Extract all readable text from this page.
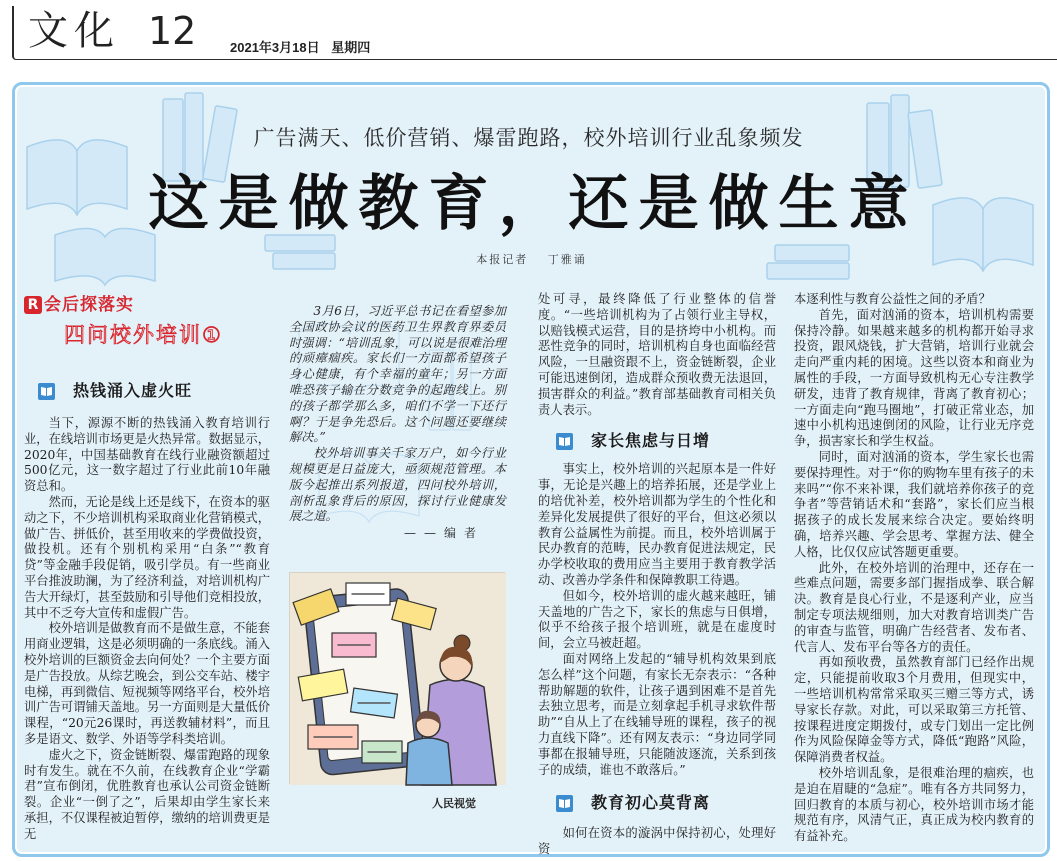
文化 12	2021年3月18日 星期四
广告满天、低价营销、爆雷跑路，校外培训行业乱象频发
这是做教育，还是做生意
本报记者 丁雅诵
R 会后探落实
四问校外培训①
热钱涌入虚火旺

当下，源源不断的热钱涌入教育培训行业，在线培训市场更是火热异常。数据显示，2020年，中国基础教育在线行业融资额超过500亿元，这一数字超过了行业此前10年融资总和。

然而，无论是线上还是线下，在资本的驱动之下，不少培训机构采取商业化营销模式，做广告、拼低价，甚至用收来的学费做投资，做投机。还有个别机构采用“白条”“教育贷”等金融手段促销，吸引学员。有一些商业平台推波助澜，为了经济利益，对培训机构广告大开绿灯，甚至鼓励和引导他们竞相投放，其中不乏夸大宣传和虚假广告。

校外培训是做教育而不是做生意，不能套用商业逻辑，这是必须明确的一条底线。涌入校外培训的巨额资金去向何处？一个主要方面是广告投放。从综艺晚会，到公交车站、楼宇电梯，再到微信、短视频等网络平台，校外培训广告可谓铺天盖地。另一方面则是大量低价课程，“20元26课时，再送教辅材料”，而且多是语文、数学、外语等学科类培训。

虚火之下，资金链断裂、爆雷跑路的现象时有发生。就在不久前，在线教育企业“学霸君”宣布倒闭，优胜教育也承认公司资金链断裂。企业“一倒了之”，后果却由学生家长来承担，不仅课程被迫暂停，缴纳的培训费更是无

3月6日，习近平总书记在看望参加全国政协会议的医药卫生界教育界委员时强调：“培训乱象，可以说是很难治理的顽瘴痼疾。家长们一方面都希望孩子身心健康，有个幸福的童年；另一方面唯恐孩子输在分数竞争的起跑线上。别的孩子都学那么多，咱们不学一下还行啊？于是争先恐后。这个问题还要继续解决。”

校外培训事关千家万户，如今行业规模更是日益庞大，亟须规范管理。本版今起推出系列报道，四问校外培训，剖析乱象背后的原因，探讨行业健康发展之道。

——编者
人民视觉

处可寻，最终降低了行业整体的信誉度。“一些培训机构为了占领行业主导权，以赔钱模式运营，目的是挤垮中小机构。而恶性竞争的同时，培训机构自身也面临经营风险，一旦融资跟不上，资金链断裂，企业可能迅速倒闭，造成群众预收费无法退回，损害群众的利益。”教育部基础教育司相关负责人表示。

家长焦虑与日增

事实上，校外培训的兴起原本是一件好事，无论是兴趣上的培养拓展，还是学业上的培优补差，校外培训都为学生的个性化和差异化发展提供了很好的平台，但这必须以教育公益属性为前提。而且，校外培训属于民办教育的范畴，民办教育促进法规定，民办学校收取的费用应当主要用于教育教学活动、改善办学条件和保障教职工待遇。

但如今，校外培训的虚火越来越旺，铺天盖地的广告之下，家长的焦虑与日俱增，似乎不给孩子报个培训班，就是在虚度时间，会立马被赶超。

面对网络上发起的“辅导机构效果到底怎么样”这个问题，有家长无奈表示：“各种帮助解题的软件，让孩子遇到困难不是首先去独立思考，而是立刻拿起手机寻求软件帮助”“自从上了在线辅导班的课程，孩子的视力直线下降”。还有网友表示：“身边同学同事都在报辅导班，只能随波逐流，关系到孩子的成绩，谁也不敢落后。”

教育初心莫背离

如何在资本的漩涡中保持初心，处理好资

本逐利性与教育公益性之间的矛盾？

首先，面对汹涌的资本，培训机构需要保持冷静。如果越来越多的机构都开始寻求投资，跟风烧钱，扩大营销，培训行业就会走向严重内耗的困境。这些以资本和商业为属性的手段，一方面导致机构无心专注教学研发，违背了教育规律，背离了教育初心；一方面走向“跑马圈地”，打破正常业态，加速中小机构迅速倒闭的风险，让行业无序竞争，损害家长和学生权益。

同时，面对汹涌的资本，学生家长也需要保持理性。对于“你的购物车里有孩子的未来吗”“你不来补课，我们就培养你孩子的竞争者”等营销话术和“套路”，家长们应当根据孩子的成长发展来综合决定。要始终明确，培养兴趣、学会思考、掌握方法、健全人格，比仅仅应试答题更重要。

此外，在校外培训的治理中，还存在一些难点问题，需要多部门握指成拳、联合解决。教育是良心行业，不是逐利产业，应当制定专项法规细则，加大对教育培训类广告的审查与监管，明确广告经营者、发布者、代言人、发布平台等各方的责任。

再如预收费，虽然教育部门已经作出规定，只能提前收取3个月费用，但现实中，一些培训机构常常采取买三赠三等方式，诱导家长存款。对此，可以采取第三方托管、按课程进度定期拨付，或专门划出一定比例作为风险保障金等方式，降低“跑路”风险，保障消费者权益。

校外培训乱象，是很难治理的痼疾，也是迫在眉睫的“急症”。唯有各方共同努力，回归教育的本质与初心，校外培训市场才能规范有序，风清气正，真正成为校内教育的有益补充。
